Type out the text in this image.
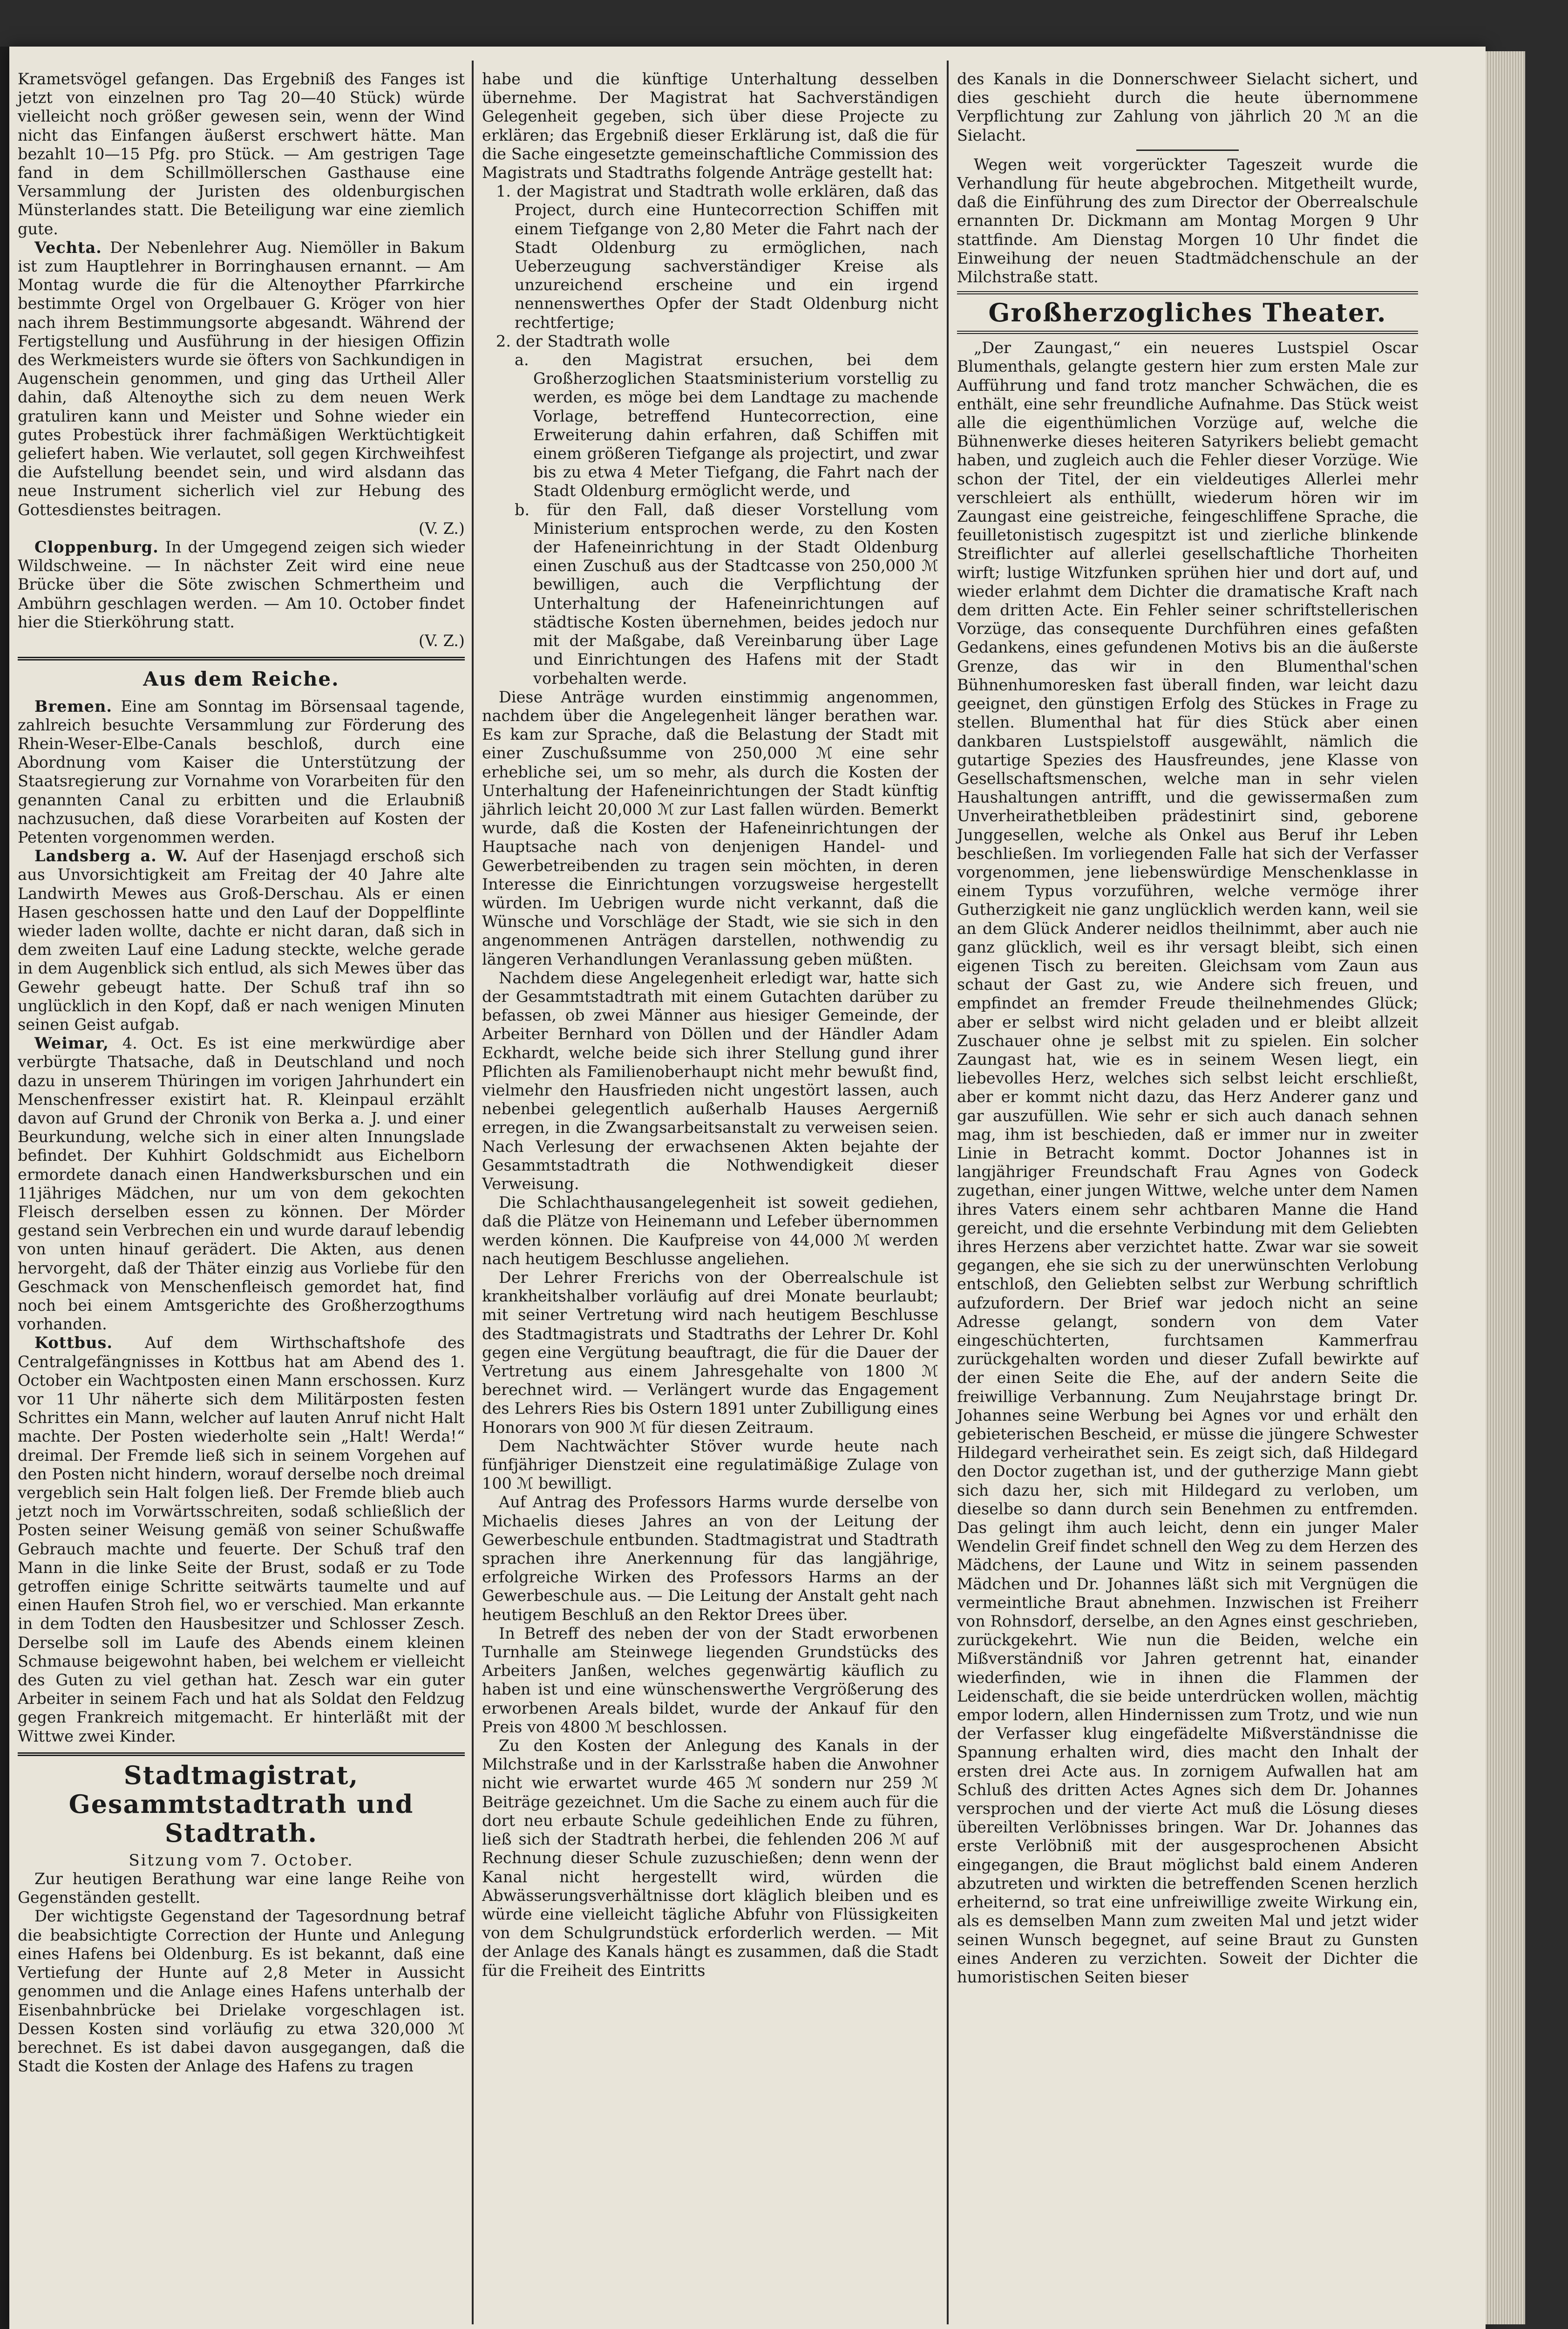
Krametsvögel gefangen. Das Ergebniß des Fanges ist jetzt von einzelnen pro Tag 20—40 Stück) würde vielleicht noch größer gewesen sein, wenn der Wind nicht das Einfangen äußerst erschwert hätte. Man bezahlt 10—15 Pfg. pro Stück. — Am gestrigen Tage fand in dem Schillmöllerschen Gasthause eine Versammlung der Juristen des oldenburgischen Münsterlandes statt. Die Beteiligung war eine ziemlich gute.

Vechta. Der Nebenlehrer Aug. Niemöller in Bakum ist zum Hauptlehrer in Borringhausen ernannt. — Am Montag wurde die für die Altenoyther Pfarrkirche bestimmte Orgel von Orgelbauer G. Kröger von hier nach ihrem Bestimmungsorte abgesandt. Während der Fertigstellung und Ausführung in der hiesigen Offizin des Werkmeisters wurde sie öfters von Sachkundigen in Augenschein genommen, und ging das Urtheil Aller dahin, daß Altenoythe sich zu dem neuen Werk gratuliren kann und Meister und Sohne wieder ein gutes Probestück ihrer fachmäßigen Werktüchtigkeit geliefert haben. Wie verlautet, soll gegen Kirchweihfest die Aufstellung beendet sein, und wird alsdann das neue Instrument sicherlich viel zur Hebung des Gottesdienstes beitragen.

(V. Z.)

Cloppenburg. In der Umgegend zeigen sich wieder Wildschweine. — In nächster Zeit wird eine neue Brücke über die Söte zwischen Schmertheim und Ambührn geschlagen werden. — Am 10. October findet hier die Stierköhrung statt.

(V. Z.)

Aus dem Reiche.

Bremen. Eine am Sonntag im Börsensaal tagende, zahlreich besuchte Versammlung zur Förderung des Rhein-Weser-Elbe-Canals beschloß, durch eine Abordnung vom Kaiser die Unterstützung der Staatsregierung zur Vornahme von Vorarbeiten für den genannten Canal zu erbitten und die Erlaubniß nachzusuchen, daß diese Vorarbeiten auf Kosten der Petenten vorgenommen werden.

Landsberg a. W. Auf der Hasenjagd erschoß sich aus Unvorsichtigkeit am Freitag der 40 Jahre alte Landwirth Mewes aus Groß-Derschau. Als er einen Hasen geschossen hatte und den Lauf der Doppelflinte wieder laden wollte, dachte er nicht daran, daß sich in dem zweiten Lauf eine Ladung steckte, welche gerade in dem Augenblick sich entlud, als sich Mewes über das Gewehr gebeugt hatte. Der Schuß traf ihn so unglücklich in den Kopf, daß er nach wenigen Minuten seinen Geist aufgab.

Weimar, 4. Oct. Es ist eine merkwürdige aber verbürgte Thatsache, daß in Deutschland und noch dazu in unserem Thüringen im vorigen Jahrhundert ein Menschenfresser existirt hat. R. Kleinpaul erzählt davon auf Grund der Chronik von Berka a. J. und einer Beurkundung, welche sich in einer alten Innungslade befindet. Der Kuhhirt Goldschmidt aus Eichelborn ermordete danach einen Handwerksburschen und ein 11jähriges Mädchen, nur um von dem gekochten Fleisch derselben essen zu können. Der Mörder gestand sein Verbrechen ein und wurde darauf lebendig von unten hinauf gerädert. Die Akten, aus denen hervorgeht, daß der Thäter einzig aus Vorliebe für den Geschmack von Menschenfleisch gemordet hat, find noch bei einem Amtsgerichte des Großherzogthums vorhanden.

Kottbus. Auf dem Wirthschaftshofe des Centralgefängnisses in Kottbus hat am Abend des 1. October ein Wachtposten einen Mann erschossen. Kurz vor 11 Uhr näherte sich dem Militärposten festen Schrittes ein Mann, welcher auf lauten Anruf nicht Halt machte. Der Posten wiederholte sein „Halt! Werda!“ dreimal. Der Fremde ließ sich in seinem Vorgehen auf den Posten nicht hindern, worauf derselbe noch dreimal vergeblich sein Halt folgen ließ. Der Fremde blieb auch jetzt noch im Vorwärtsschreiten, sodaß schließlich der Posten seiner Weisung gemäß von seiner Schußwaffe Gebrauch machte und feuerte. Der Schuß traf den Mann in die linke Seite der Brust, sodaß er zu Tode getroffen einige Schritte seitwärts taumelte und auf einen Haufen Stroh fiel, wo er verschied. Man erkannte in dem Todten den Hausbesitzer und Schlosser Zesch. Derselbe soll im Laufe des Abends einem kleinen Schmause beigewohnt haben, bei welchem er vielleicht des Guten zu viel gethan hat. Zesch war ein guter Arbeiter in seinem Fach und hat als Soldat den Feldzug gegen Frankreich mitgemacht. Er hinterläßt mit der Wittwe zwei Kinder.

Stadtmagistrat, Gesammtstadtrath und Stadtrath.
Sitzung vom 7. October.

Zur heutigen Berathung war eine lange Reihe von Gegenständen gestellt.

Der wichtigste Gegenstand der Tagesordnung betraf die beabsichtigte Correction der Hunte und Anlegung eines Hafens bei Oldenburg. Es ist bekannt, daß eine Vertiefung der Hunte auf 2,8 Meter in Aussicht genommen und die Anlage eines Hafens unterhalb der Eisenbahnbrücke bei Drielake vorgeschlagen ist. Dessen Kosten sind vorläufig zu etwa 320,000 ℳ berechnet. Es ist dabei davon ausgegangen, daß die Stadt die Kosten der Anlage des Hafens zu tragen

habe und die künftige Unterhaltung desselben übernehme. Der Magistrat hat Sachverständigen Gelegenheit gegeben, sich über diese Projecte zu erklären; das Ergebniß dieser Erklärung ist, daß die für die Sache eingesetzte gemeinschaftliche Commission des Magistrats und Stadtraths folgende Anträge gestellt hat:

1. der Magistrat und Stadtrath wolle erklären, daß das Project, durch eine Huntecorrection Schiffen mit einem Tiefgange von 2,80 Meter die Fahrt nach der Stadt Oldenburg zu ermöglichen, nach Ueberzeugung sachverständiger Kreise als unzureichend erscheine und ein irgend nennenswerthes Opfer der Stadt Oldenburg nicht rechtfertige;

2. der Stadtrath wolle

a. den Magistrat ersuchen, bei dem Großherzoglichen Staatsministerium vorstellig zu werden, es möge bei dem Landtage zu machende Vorlage, betreffend Huntecorrection, eine Erweiterung dahin erfahren, daß Schiffen mit einem größeren Tiefgange als projectirt, und zwar bis zu etwa 4 Meter Tiefgang, die Fahrt nach der Stadt Oldenburg ermöglicht werde, und

b. für den Fall, daß dieser Vorstellung vom Ministerium entsprochen werde, zu den Kosten der Hafeneinrichtung in der Stadt Oldenburg einen Zuschuß aus der Stadtcasse von 250,000 ℳ bewilligen, auch die Verpflichtung der Unterhaltung der Hafeneinrichtungen auf städtische Kosten übernehmen, beides jedoch nur mit der Maßgabe, daß Vereinbarung über Lage und Einrichtungen des Hafens mit der Stadt vorbehalten werde.

Diese Anträge wurden einstimmig angenommen, nachdem über die Angelegenheit länger berathen war. Es kam zur Sprache, daß die Belastung der Stadt mit einer Zuschußsumme von 250,000 ℳ eine sehr erhebliche sei, um so mehr, als durch die Kosten der Unterhaltung der Hafeneinrichtungen der Stadt künftig jährlich leicht 20,000 ℳ zur Last fallen würden. Bemerkt wurde, daß die Kosten der Hafeneinrichtungen der Hauptsache nach von denjenigen Handel- und Gewerbetreibenden zu tragen sein möchten, in deren Interesse die Einrichtungen vorzugsweise hergestellt würden. Im Uebrigen wurde nicht verkannt, daß die Wünsche und Vorschläge der Stadt, wie sie sich in den angenommenen Anträgen darstellen, nothwendig zu längeren Verhandlungen Veranlassung geben müßten.

Nachdem diese Angelegenheit erledigt war, hatte sich der Gesammtstadtrath mit einem Gutachten darüber zu befassen, ob zwei Männer aus hiesiger Gemeinde, der Arbeiter Bernhard von Döllen und der Händler Adam Eckhardt, welche beide sich ihrer Stellung gund ihrer Pflichten als Familienoberhaupt nicht mehr bewußt find, vielmehr den Hausfrieden nicht ungestört lassen, auch nebenbei gelegentlich außerhalb Hauses Aergerniß erregen, in die Zwangsarbeitsanstalt zu verweisen seien. Nach Verlesung der erwachsenen Akten bejahte der Gesammtstadtrath die Nothwendigkeit dieser Verweisung.

Die Schlachthausangelegenheit ist soweit gediehen, daß die Plätze von Heinemann und Lefeber übernommen werden können. Die Kaufpreise von 44,000 ℳ werden nach heutigem Beschlusse angeliehen.

Der Lehrer Frerichs von der Oberrealschule ist krankheitshalber vorläufig auf drei Monate beurlaubt; mit seiner Vertretung wird nach heutigem Beschlusse des Stadtmagistrats und Stadtraths der Lehrer Dr. Kohl gegen eine Vergütung beauftragt, die für die Dauer der Vertretung aus einem Jahresgehalte von 1800 ℳ berechnet wird. — Verlängert wurde das Engagement des Lehrers Ries bis Ostern 1891 unter Zubilligung eines Honorars von 900 ℳ für diesen Zeitraum.

Dem Nachtwächter Stöver wurde heute nach fünfjähriger Dienstzeit eine regulatimäßige Zulage von 100 ℳ bewilligt.

Auf Antrag des Professors Harms wurde derselbe von Michaelis dieses Jahres an von der Leitung der Gewerbeschule entbunden. Stadtmagistrat und Stadtrath sprachen ihre Anerkennung für das langjährige, erfolgreiche Wirken des Professors Harms an der Gewerbeschule aus. — Die Leitung der Anstalt geht nach heutigem Beschluß an den Rektor Drees über.

In Betreff des neben der von der Stadt erworbenen Turnhalle am Steinwege liegenden Grundstücks des Arbeiters Janßen, welches gegenwärtig käuflich zu haben ist und eine wünschenswerthe Vergrößerung des erworbenen Areals bildet, wurde der Ankauf für den Preis von 4800 ℳ beschlossen.

Zu den Kosten der Anlegung des Kanals in der Milchstraße und in der Karlsstraße haben die Anwohner nicht wie erwartet wurde 465 ℳ sondern nur 259 ℳ Beiträge gezeichnet. Um die Sache zu einem auch für die dort neu erbaute Schule gedeihlichen Ende zu führen, ließ sich der Stadtrath herbei, die fehlenden 206 ℳ auf Rechnung dieser Schule zuzuschießen; denn wenn der Kanal nicht hergestellt wird, würden die Abwässerungsverhältnisse dort kläglich bleiben und es würde eine vielleicht tägliche Abfuhr von Flüssigkeiten von dem Schulgrundstück erforderlich werden. — Mit der Anlage des Kanals hängt es zusammen, daß die Stadt für die Freiheit des Eintritts

des Kanals in die Donnerschweer Sielacht sichert, und dies geschieht durch die heute übernommene Verpflichtung zur Zahlung von jährlich 20 ℳ an die Sielacht.

Wegen weit vorgerückter Tageszeit wurde die Verhandlung für heute abgebrochen. Mitgetheilt wurde, daß die Einführung des zum Director der Oberrealschule ernannten Dr. Dickmann am Montag Morgen 9 Uhr stattfinde. Am Dienstag Morgen 10 Uhr findet die Einweihung der neuen Stadtmädchenschule an der Milchstraße statt.

Großherzogliches Theater.

„Der Zaungast,“ ein neueres Lustspiel Oscar Blumenthals, gelangte gestern hier zum ersten Male zur Aufführung und fand trotz mancher Schwächen, die es enthält, eine sehr freundliche Aufnahme. Das Stück weist alle die eigenthümlichen Vorzüge auf, welche die Bühnenwerke dieses heiteren Satyrikers beliebt gemacht haben, und zugleich auch die Fehler dieser Vorzüge. Wie schon der Titel, der ein vieldeutiges Allerlei mehr verschleiert als enthüllt, wiederum hören wir im Zaungast eine geistreiche, feingeschliffene Sprache, die feuilletonistisch zugespitzt ist und zierliche blinkende Streiflichter auf allerlei gesellschaftliche Thorheiten wirft; lustige Witzfunken sprühen hier und dort auf, und wieder erlahmt dem Dichter die dramatische Kraft nach dem dritten Acte. Ein Fehler seiner schriftstellerischen Vorzüge, das consequente Durchführen eines gefaßten Gedankens, eines gefundenen Motivs bis an die äußerste Grenze, das wir in den Blumenthal'schen Bühnenhumoresken fast überall finden, war leicht dazu geeignet, den günstigen Erfolg des Stückes in Frage zu stellen. Blumenthal hat für dies Stück aber einen dankbaren Lustspielstoff ausgewählt, nämlich die gutartige Spezies des Hausfreundes, jene Klasse von Gesellschaftsmenschen, welche man in sehr vielen Haushaltungen antrifft, und die gewissermaßen zum Unverheirathetbleiben prädestinirt sind, geborene Junggesellen, welche als Onkel aus Beruf ihr Leben beschließen. Im vorliegenden Falle hat sich der Verfasser vorgenommen, jene liebenswürdige Menschenklasse in einem Typus vorzuführen, welche vermöge ihrer Gutherzigkeit nie ganz unglücklich werden kann, weil sie an dem Glück Anderer neidlos theilnimmt, aber auch nie ganz glücklich, weil es ihr versagt bleibt, sich einen eigenen Tisch zu bereiten. Gleichsam vom Zaun aus schaut der Gast zu, wie Andere sich freuen, und empfindet an fremder Freude theilnehmendes Glück; aber er selbst wird nicht geladen und er bleibt allzeit Zuschauer ohne je selbst mit zu spielen. Ein solcher Zaungast hat, wie es in seinem Wesen liegt, ein liebevolles Herz, welches sich selbst leicht erschließt, aber er kommt nicht dazu, das Herz Anderer ganz und gar auszufüllen. Wie sehr er sich auch danach sehnen mag, ihm ist beschieden, daß er immer nur in zweiter Linie in Betracht kommt. Doctor Johannes ist in langjähriger Freundschaft Frau Agnes von Godeck zugethan, einer jungen Wittwe, welche unter dem Namen ihres Vaters einem sehr achtbaren Manne die Hand gereicht, und die ersehnte Verbindung mit dem Geliebten ihres Herzens aber verzichtet hatte. Zwar war sie soweit gegangen, ehe sie sich zu der unerwünschten Verlobung entschloß, den Geliebten selbst zur Werbung schriftlich aufzufordern. Der Brief war jedoch nicht an seine Adresse gelangt, sondern von dem Vater eingeschüchterten, furchtsamen Kammerfrau zurückgehalten worden und dieser Zufall bewirkte auf der einen Seite die Ehe, auf der andern Seite die freiwillige Verbannung. Zum Neujahrstage bringt Dr. Johannes seine Werbung bei Agnes vor und erhält den gebieterischen Bescheid, er müsse die jüngere Schwester Hildegard verheirathet sein. Es zeigt sich, daß Hildegard den Doctor zugethan ist, und der gutherzige Mann giebt sich dazu her, sich mit Hildegard zu verloben, um dieselbe so dann durch sein Benehmen zu entfremden. Das gelingt ihm auch leicht, denn ein junger Maler Wendelin Greif findet schnell den Weg zu dem Herzen des Mädchens, der Laune und Witz in seinem passenden Mädchen und Dr. Johannes läßt sich mit Vergnügen die vermeintliche Braut abnehmen. Inzwischen ist Freiherr von Rohnsdorf, derselbe, an den Agnes einst geschrieben, zurückgekehrt. Wie nun die Beiden, welche ein Mißverständniß vor Jahren getrennt hat, einander wiederfinden, wie in ihnen die Flammen der Leidenschaft, die sie beide unterdrücken wollen, mächtig empor lodern, allen Hindernissen zum Trotz, und wie nun der Verfasser klug eingefädelte Mißverständnisse die Spannung erhalten wird, dies macht den Inhalt der ersten drei Acte aus. In zornigem Aufwallen hat am Schluß des dritten Actes Agnes sich dem Dr. Johannes versprochen und der vierte Act muß die Lösung dieses übereilten Verlöbnisses bringen. War Dr. Johannes das erste Verlöbniß mit der ausgesprochenen Absicht eingegangen, die Braut möglichst bald einem Anderen abzutreten und wirkten die betreffenden Scenen herzlich erheiternd, so trat eine unfreiwillige zweite Wirkung ein, als es demselben Mann zum zweiten Mal und jetzt wider seinen Wunsch begegnet, auf seine Braut zu Gunsten eines Anderen zu verzichten. Soweit der Dichter die humoristischen Seiten bieser
